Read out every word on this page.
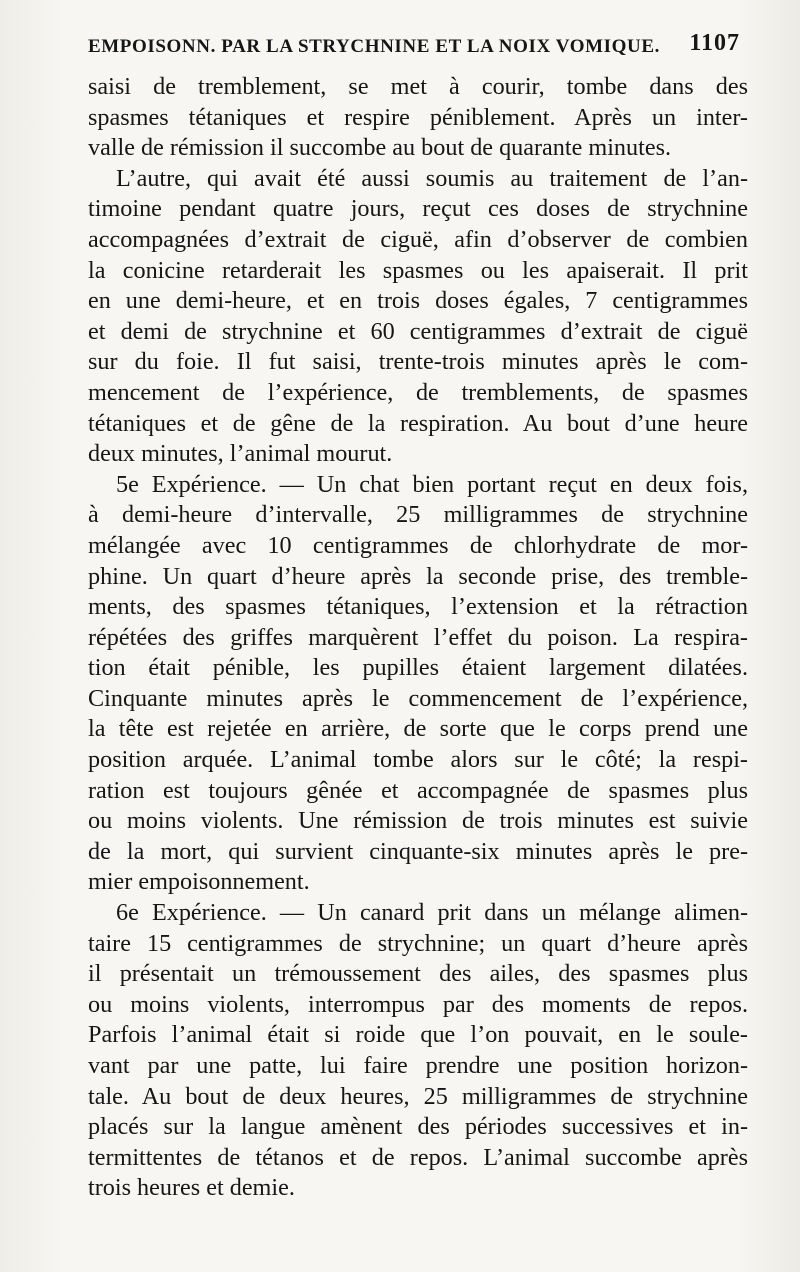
EMPOISONN. PAR LA STRYCHNINE ET LA NOIX VOMIQUE. 1107
saisi de tremblement, se met à courir, tombe dans des
spasmes tétaniques et respire péniblement. Après un inter-
valle de rémission il succombe au bout de quarante minutes.
L’autre, qui avait été aussi soumis au traitement de l’an-
timoine pendant quatre jours, reçut ces doses de strychnine
accompagnées d’extrait de ciguë, afin d’observer de combien
la conicine retarderait les spasmes ou les apaiserait. Il prit
en une demi-heure, et en trois doses égales, 7 centigrammes
et demi de strychnine et 60 centigrammes d’extrait de ciguë
sur du foie. Il fut saisi, trente-trois minutes après le com-
mencement de l’expérience, de tremblements, de spasmes
tétaniques et de gêne de la respiration. Au bout d’une heure
deux minutes, l’animal mourut.
5e Expérience. — Un chat bien portant reçut en deux fois,
à demi-heure d’intervalle, 25 milligrammes de strychnine
mélangée avec 10 centigrammes de chlorhydrate de mor-
phine. Un quart d’heure après la seconde prise, des tremble-
ments, des spasmes tétaniques, l’extension et la rétraction
répétées des griffes marquèrent l’effet du poison. La respira-
tion était pénible, les pupilles étaient largement dilatées.
Cinquante minutes après le commencement de l’expérience,
la tête est rejetée en arrière, de sorte que le corps prend une
position arquée. L’animal tombe alors sur le côté; la respi-
ration est toujours gênée et accompagnée de spasmes plus
ou moins violents. Une rémission de trois minutes est suivie
de la mort, qui survient cinquante-six minutes après le pre-
mier empoisonnement.
6e Expérience. — Un canard prit dans un mélange alimen-
taire 15 centigrammes de strychnine; un quart d’heure après
il présentait un trémoussement des ailes, des spasmes plus
ou moins violents, interrompus par des moments de repos.
Parfois l’animal était si roide que l’on pouvait, en le soule-
vant par une patte, lui faire prendre une position horizon-
tale. Au bout de deux heures, 25 milligrammes de strychnine
placés sur la langue amènent des périodes successives et in-
termittentes de tétanos et de repos. L’animal succombe après
trois heures et demie.
